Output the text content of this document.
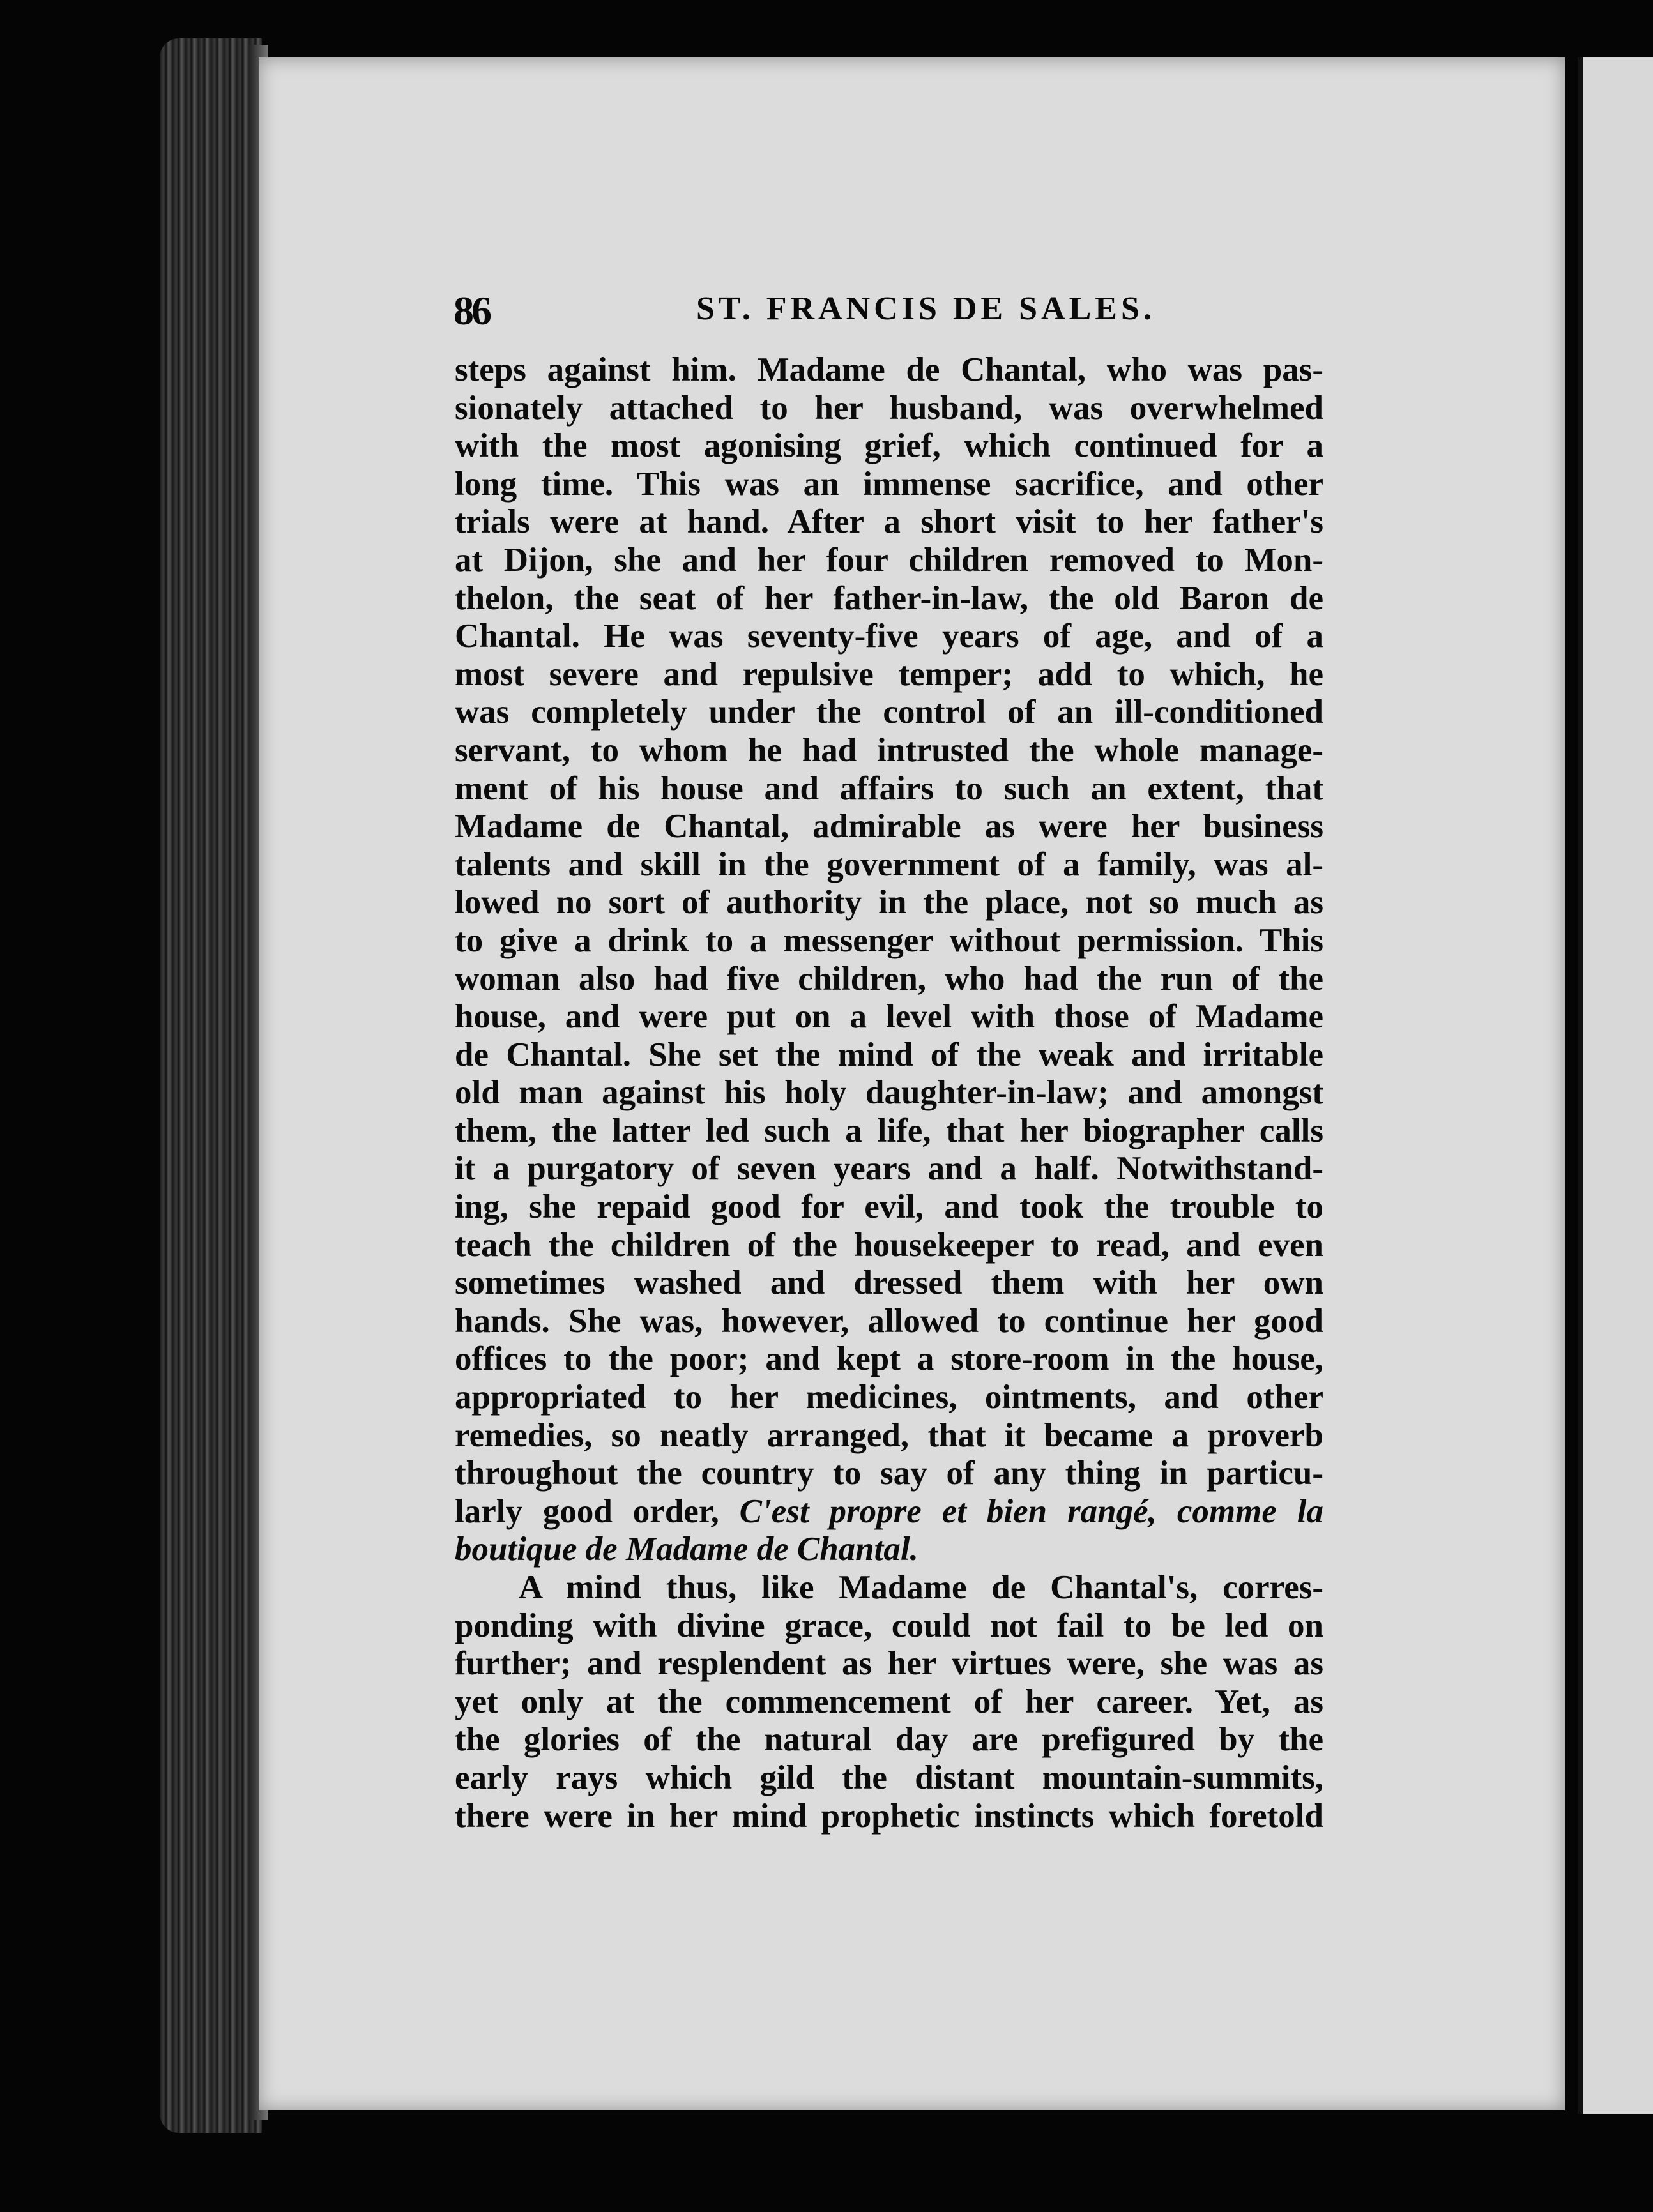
86	ST. FRANCIS DE SALES.
steps against him. Madame de Chantal, who was pas-
sionately attached to her husband, was overwhelmed
with the most agonising grief, which continued for a
long time. This was an immense sacrifice, and other
trials were at hand. After a short visit to her father's
at Dijon, she and her four children removed to Mon-
thelon, the seat of her father-in-law, the old Baron de
Chantal. He was seventy-five years of age, and of a
most severe and repulsive temper; add to which, he
was completely under the control of an ill-conditioned
servant, to whom he had intrusted the whole manage-
ment of his house and affairs to such an extent, that
Madame de Chantal, admirable as were her business
talents and skill in the government of a family, was al-
lowed no sort of authority in the place, not so much as
to give a drink to a messenger without permission. This
woman also had five children, who had the run of the
house, and were put on a level with those of Madame
de Chantal. She set the mind of the weak and irritable
old man against his holy daughter-in-law; and amongst
them, the latter led such a life, that her biographer calls
it a purgatory of seven years and a half. Notwithstand-
ing, she repaid good for evil, and took the trouble to
teach the children of the housekeeper to read, and even
sometimes washed and dressed them with her own
hands. She was, however, allowed to continue her good
offices to the poor; and kept a store-room in the house,
appropriated to her medicines, ointments, and other
remedies, so neatly arranged, that it became a proverb
throughout the country to say of any thing in particu-
larly good order, C'est propre et bien rangé, comme la
boutique de Madame de Chantal.
A mind thus, like Madame de Chantal's, corres-
ponding with divine grace, could not fail to be led on
further; and resplendent as her virtues were, she was as
yet only at the commencement of her career. Yet, as
the glories of the natural day are prefigured by the
early rays which gild the distant mountain-summits,
there were in her mind prophetic instincts which foretold
